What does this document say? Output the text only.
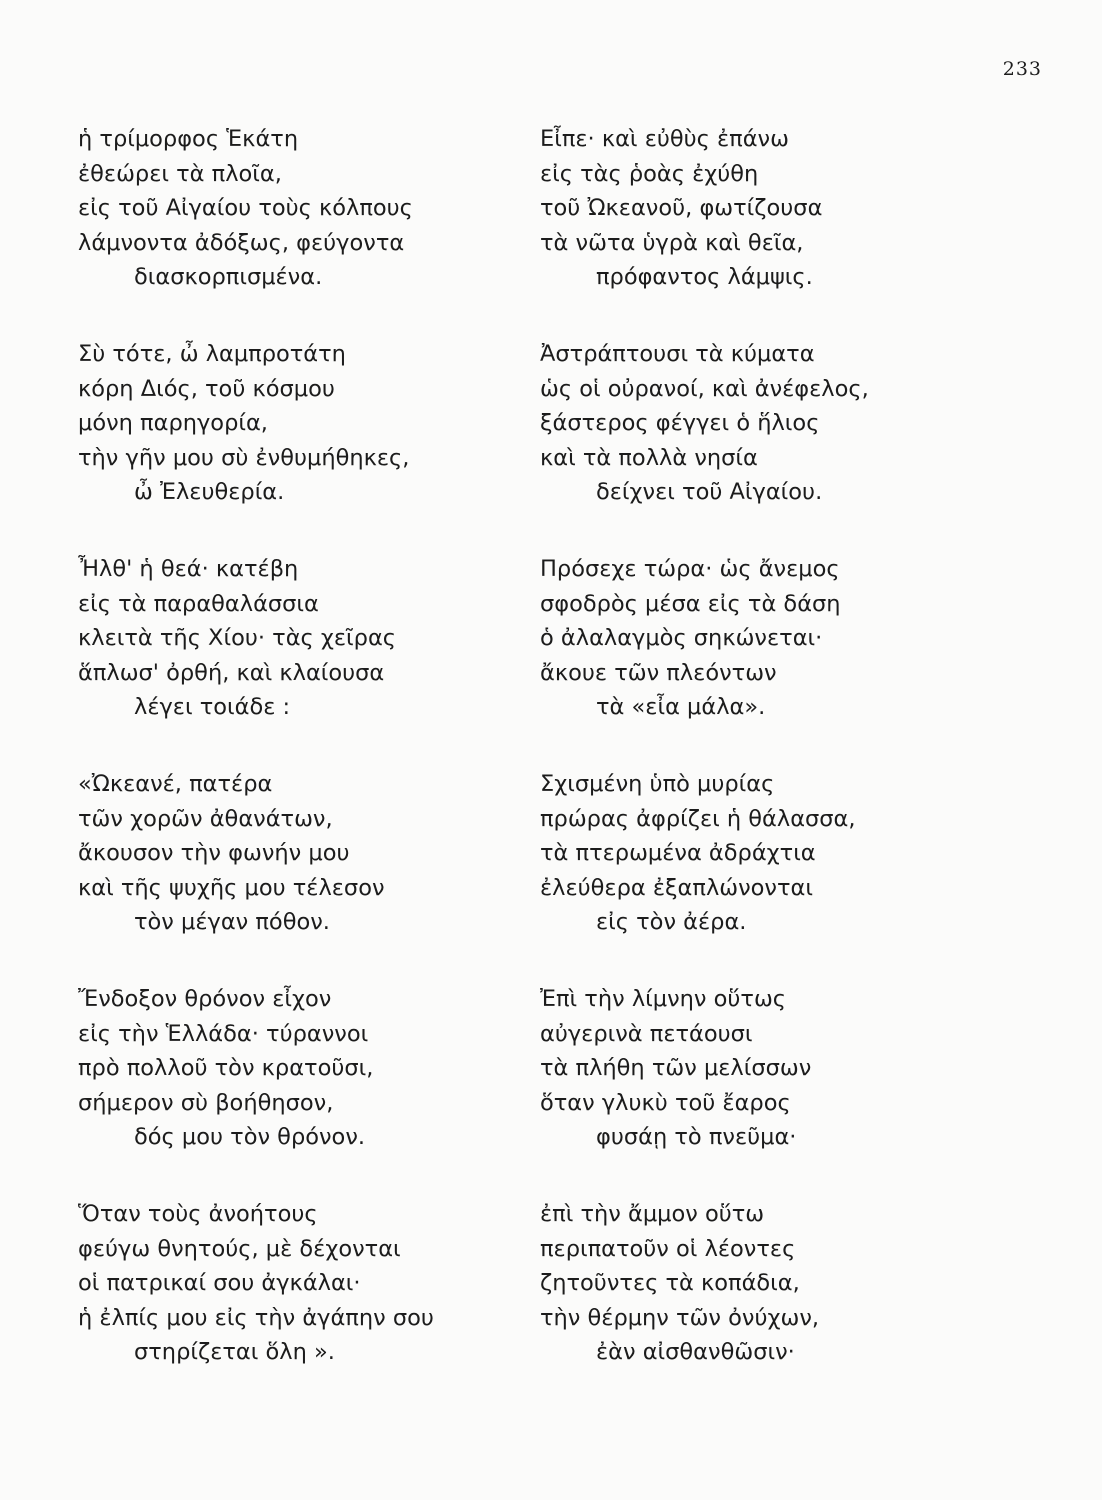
233
ἡ τρίμορφος Ἑκάτη
ἐθεώρει τὰ πλοῖα,
εἰς τοῦ Αἰγαίου τοὺς κόλπους
λάμνοντα ἀδόξως, φεύγοντα
διασκορπισμένα.
Σὺ τότε, ὦ λαμπροτάτη
κόρη Διός, τοῦ κόσμου
μόνη παρηγορία,
τὴν γῆν μου σὺ ἐνθυμήθηκες,
ὦ Ἐλευθερία.
Ἦλθ' ἡ θεά· κατέβη
εἰς τὰ παραθαλάσσια
κλειτὰ τῆς Χίου· τὰς χεῖρας
ἅπλωσ' ὀρθή, καὶ κλαίουσα
λέγει τοιάδε :
«Ὠκεανέ, πατέρα
τῶν χορῶν ἀθανάτων,
ἄκουσον τὴν φωνήν μου
καὶ τῆς ψυχῆς μου τέλεσον
τὸν μέγαν πόθον.
Ἔνδοξον θρόνον εἶχον
εἰς τὴν Ἑλλάδα· τύραννοι
πρὸ πολλοῦ τὸν κρατοῦσι,
σήμερον σὺ βοήθησον,
δός μου τὸν θρόνον.
Ὅταν τοὺς ἀνοήτους
φεύγω θνητούς, μὲ δέχονται
οἱ πατρικαί σου ἀγκάλαι·
ἡ ἐλπίς μου εἰς τὴν ἀγάπην σου
στηρίζεται ὅλη ».
Εἶπε· καὶ εὐθὺς ἐπάνω
εἰς τὰς ῥοὰς ἐχύθη
τοῦ Ὠκεανοῦ, φωτίζουσα
τὰ νῶτα ὑγρὰ καὶ θεῖα,
πρόφαντος λάμψις.
Ἀστράπτουσι τὰ κύματα
ὡς οἱ οὐρανοί, καὶ ἀνέφελος,
ξάστερος φέγγει ὁ ἥλιος
καὶ τὰ πολλὰ νησία
δείχνει τοῦ Αἰγαίου.
Πρόσεχε τώρα· ὡς ἄνεμος
σφοδρὸς μέσα εἰς τὰ δάση
ὁ ἀλαλαγμὸς σηκώνεται·
ἄκουε τῶν πλεόντων
τὰ «εἶα μάλα».
Σχισμένη ὑπὸ μυρίας
πρώρας ἀφρίζει ἡ θάλασσα,
τὰ πτερωμένα ἀδράχτια
ἐλεύθερα ἐξαπλώνονται
εἰς τὸν ἀέρα.
Ἐπὶ τὴν λίμνην οὕτως
αὐγερινὰ πετάουσι
τὰ πλήθη τῶν μελίσσων
ὅταν γλυκὺ τοῦ ἔαρος
φυσάῃ τὸ πνεῦμα·
ἐπὶ τὴν ἄμμον οὕτω
περιπατοῦν οἱ λέοντες
ζητοῦντες τὰ κοπάδια,
τὴν θέρμην τῶν ὀνύχων,
ἐὰν αἰσθανθῶσιν·
